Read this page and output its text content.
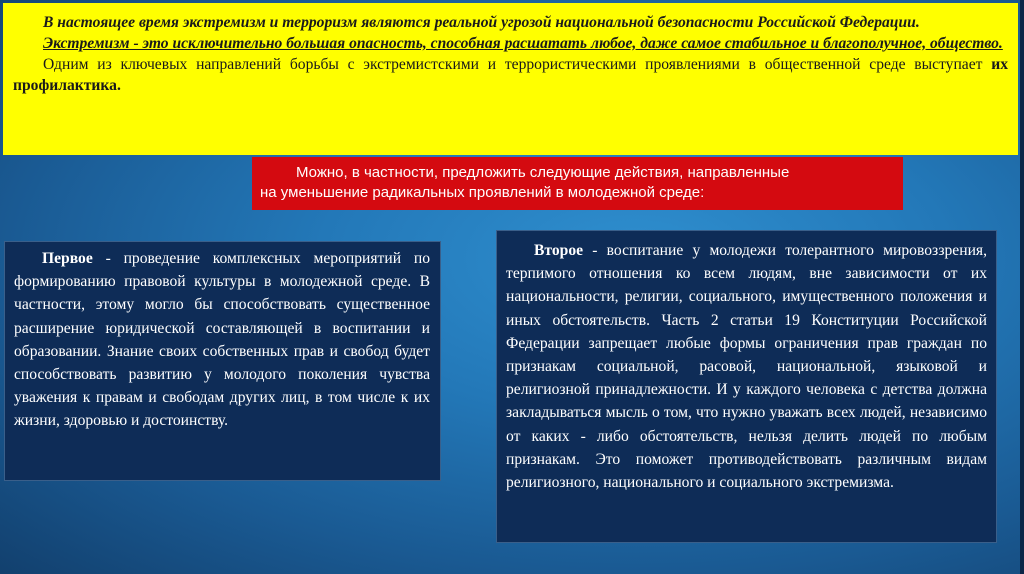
В настоящее время экстремизм и терроризм являются реальной угрозой национальной безопасности Российской Федерации.

Экстремизм - это исключительно большая опасность, способная расшатать любое, даже самое стабильное и благополучное, общество.

Одним из ключевых направлений борьбы с экстремистскими и террористическими проявлениями в общественной среде выступает их профилактика.

Можно, в частности, предложить следующие действия, направленные
на уменьшение радикальных проявлений в молодежной среде:

Первое - проведение комплексных мероприятий по формированию правовой культуры в молодежной среде. В частности, этому могло бы способствовать существенное расширение юридической составляющей в воспитании и образовании. Знание своих собственных прав и свобод будет способствовать развитию у молодого поколения чувства уважения к правам и свободам других лиц, в том числе к их жизни, здоровью и достоинству.

Второе - воспитание у молодежи толерантного мировоззрения, терпимого отношения ко всем людям, вне зависимости от их национальности, религии, социального, имущественного положения и иных обстоятельств. Часть 2 статьи 19 Конституции Российской Федерации запрещает любые формы ограничения прав граждан по признакам социальной, расовой, национальной, языковой и религиозной принадлежности. И у каждого человека с детства должна закладываться мысль о том, что нужно уважать всех людей, независимо от каких - либо обстоятельств, нельзя делить людей по любым признакам. Это поможет противодействовать различным видам религиозного, национального и социального экстремизма.
